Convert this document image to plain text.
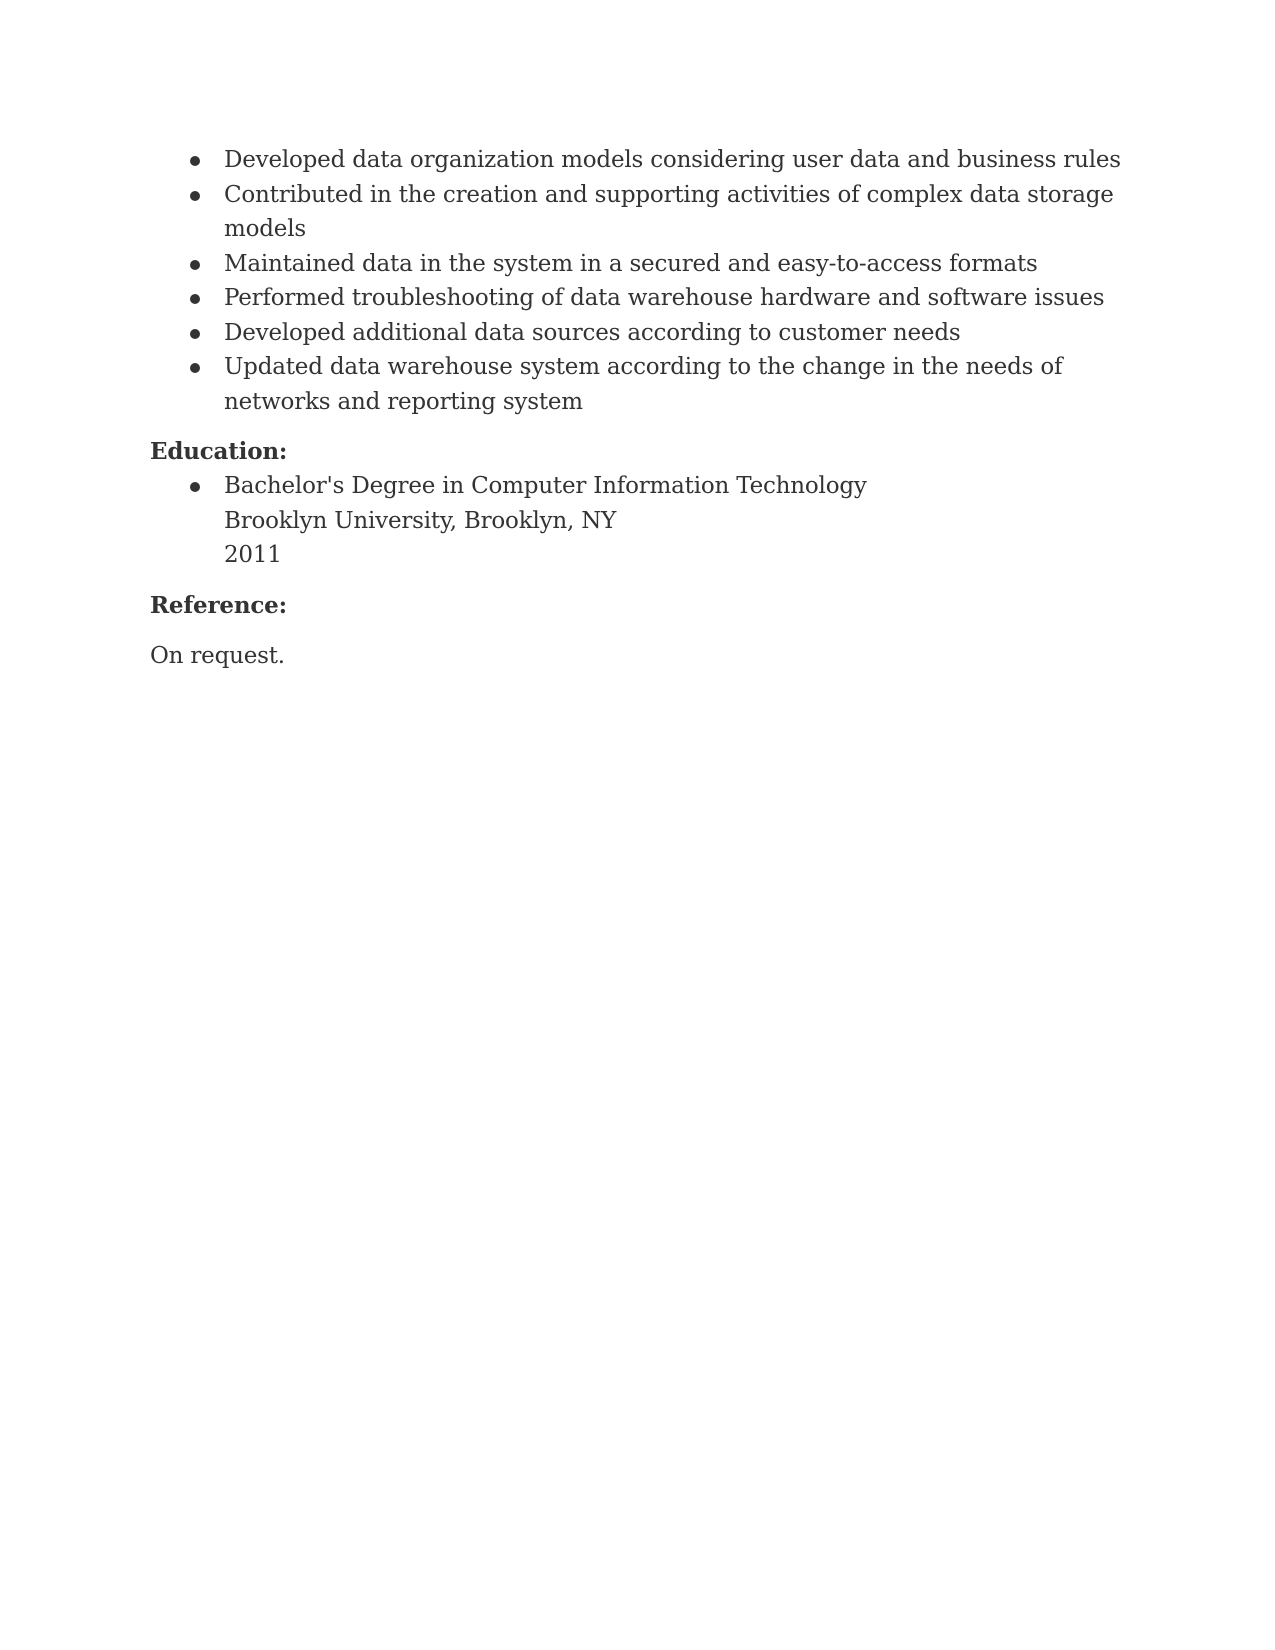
Developed data organization models considering user data and business rules
Contributed in the creation and supporting activities of complex data storage models
Maintained data in the system in a secured and easy-to-access formats
Performed troubleshooting of data warehouse hardware and software issues
Developed additional data sources according to customer needs
Updated data warehouse system according to the change in the needs of networks and reporting system
Education:
Bachelor's Degree in Computer Information Technology
Brooklyn University, Brooklyn, NY
2011
Reference:
On request.
